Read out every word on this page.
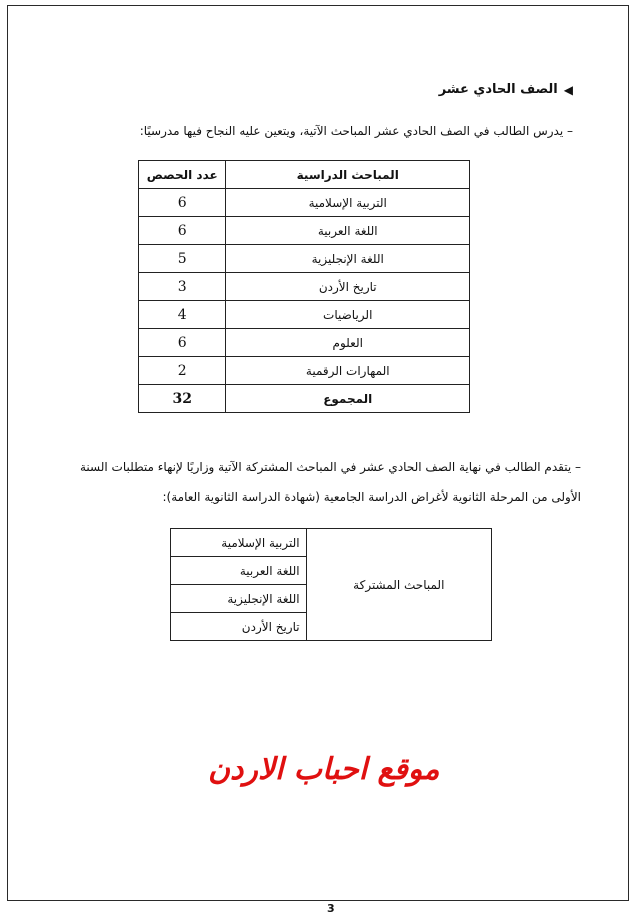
◀
الصف الحادي عشر
– يدرس الطالب في الصف الحادي عشر المباحث الآتية، ويتعين عليه النجاح فيها مدرسيًا:
المباحث الدراسية	عدد الحصص
التربية الإسلامية	6
اللغة العربية	6
اللغة الإنجليزية	5
تاريخ الأردن	3
الرياضيات	4
العلوم	6
المهارات الرقمية	2
المجموع	32
– يتقدم الطالب في نهاية الصف الحادي عشر في المباحث المشتركة الآتية وزاريًا لإنهاء متطلبات السنة الأولى من المرحلة الثانوية لأغراض الدراسة الجامعية (شهادة الدراسة الثانوية العامة):
المباحث المشتركة	التربية الإسلامية
اللغة العربية
اللغة الإنجليزية
تاريخ الأردن
موقع احباب الاردن
3
